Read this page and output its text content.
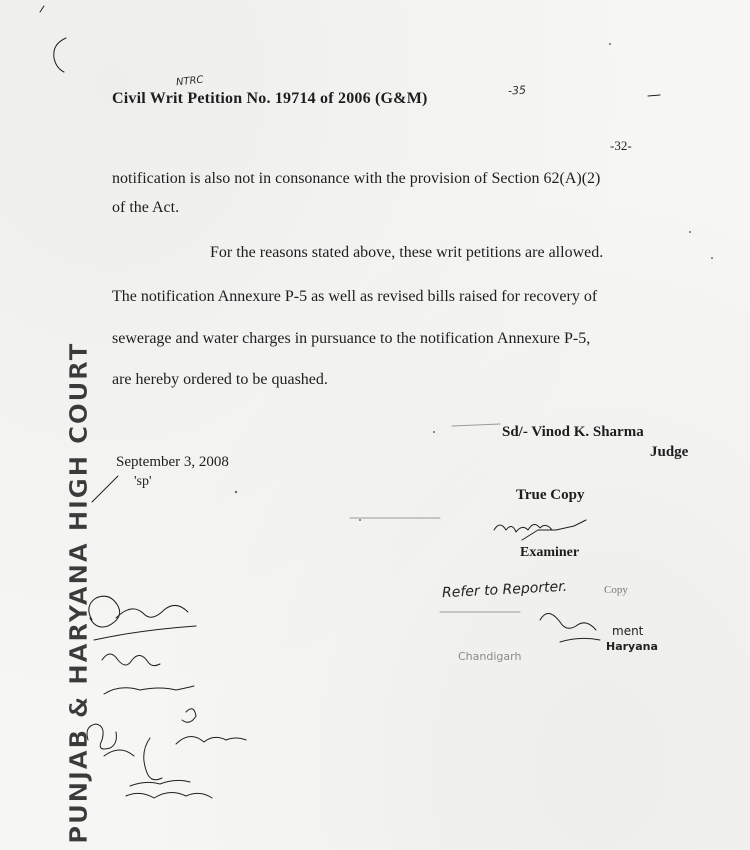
NTRC
Civil Writ Petition No. 19714 of 2006 (G&M)	-35
-32-
notification is also not in consonance with the provision of Section 62(A)(2)
of the Act.
For the reasons stated above, these writ petitions are allowed.
The notification Annexure P-5 as well as revised bills raised for recovery of
sewerage and water charges in pursuance to the notification Annexure P-5,
are hereby ordered to be quashed.
Sd/- Vinod K. Sharma
Judge
September 3, 2008
'sp'
True Copy
Examiner
Refer to Reporter.	Copy
ment
Haryana
Chandigarh
PUNJAB & HARYANA HIGH COURT
